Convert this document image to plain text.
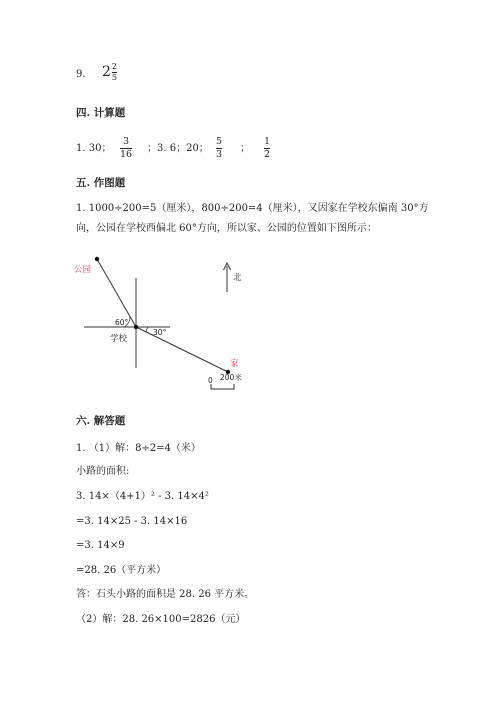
9. $2 \frac{2}{5}$
四. 计算题
1. 30；
3
16
；3. 6；20；
5
3
；
1
2
五. 作图题
1. 1000÷200=5（厘米），800÷200=4（厘米），又因家在学校东偏南 30°方
向，公园在学校西偏北 60°方向，所以家、公园的位置如下图所示：
公园
学校
家
北
60°
30°
0 200米
六. 解答题
1. （1）解：8÷2=4（米）
小路的面积:
3. 14×（4+1）² - 3. 14×4²
=3. 14×25 - 3. 14×16
=3. 14×9
=28. 26（平方米）
答：石头小路的面积是 28. 26 平方米。
（2）解：28. 26×100=2826（元）
